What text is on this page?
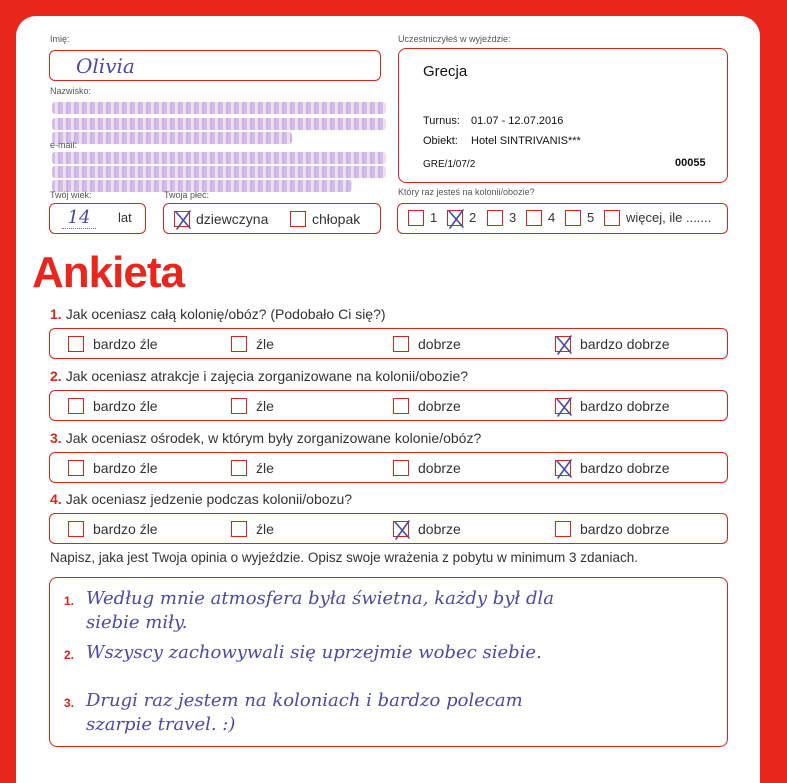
Imię:
Olivia
Nazwisko:
e-mail:
Uczestniczyłeś w wyjeździe:
Grecja
Turnus: 01.07 - 12.07.2016
Obiekt: Hotel SINTRIVANIS***
GRE/1/07/2	00055
Twój wiek:
14	lat
Twoja płeć:
dziewczyna	chłopak
Który raz jesteś na kolonii/obozie?
1 2	3 4 5 więcej, ile .......
Ankieta
1. Jak oceniasz całą kolonię/obóz? (Podobało Ci się?)
bardzo źle	źle	dobrze	bardzo dobrze
2. Jak oceniasz atrakcje i zajęcia zorganizowane na kolonii/obozie?
bardzo źle	źle	dobrze	bardzo dobrze
3. Jak oceniasz ośrodek, w którym były zorganizowane kolonie/obóz?
bardzo źle	źle	dobrze	bardzo dobrze
4. Jak oceniasz jedzenie podczas kolonii/obozu?
bardzo źle	źle	dobrze	bardzo dobrze
Napisz, jaka jest Twoja opinia o wyjeździe. Opisz swoje wrażenia z pobytu w minimum 3 zdaniach.
1. Według mnie atmosfera była świetna, każdy był dla
siebie miły.
2. Wszyscy zachowywali się uprzejmie wobec siebie.
3. Drugi raz jestem na koloniach i bardzo polecam
szarpie travel. :)
